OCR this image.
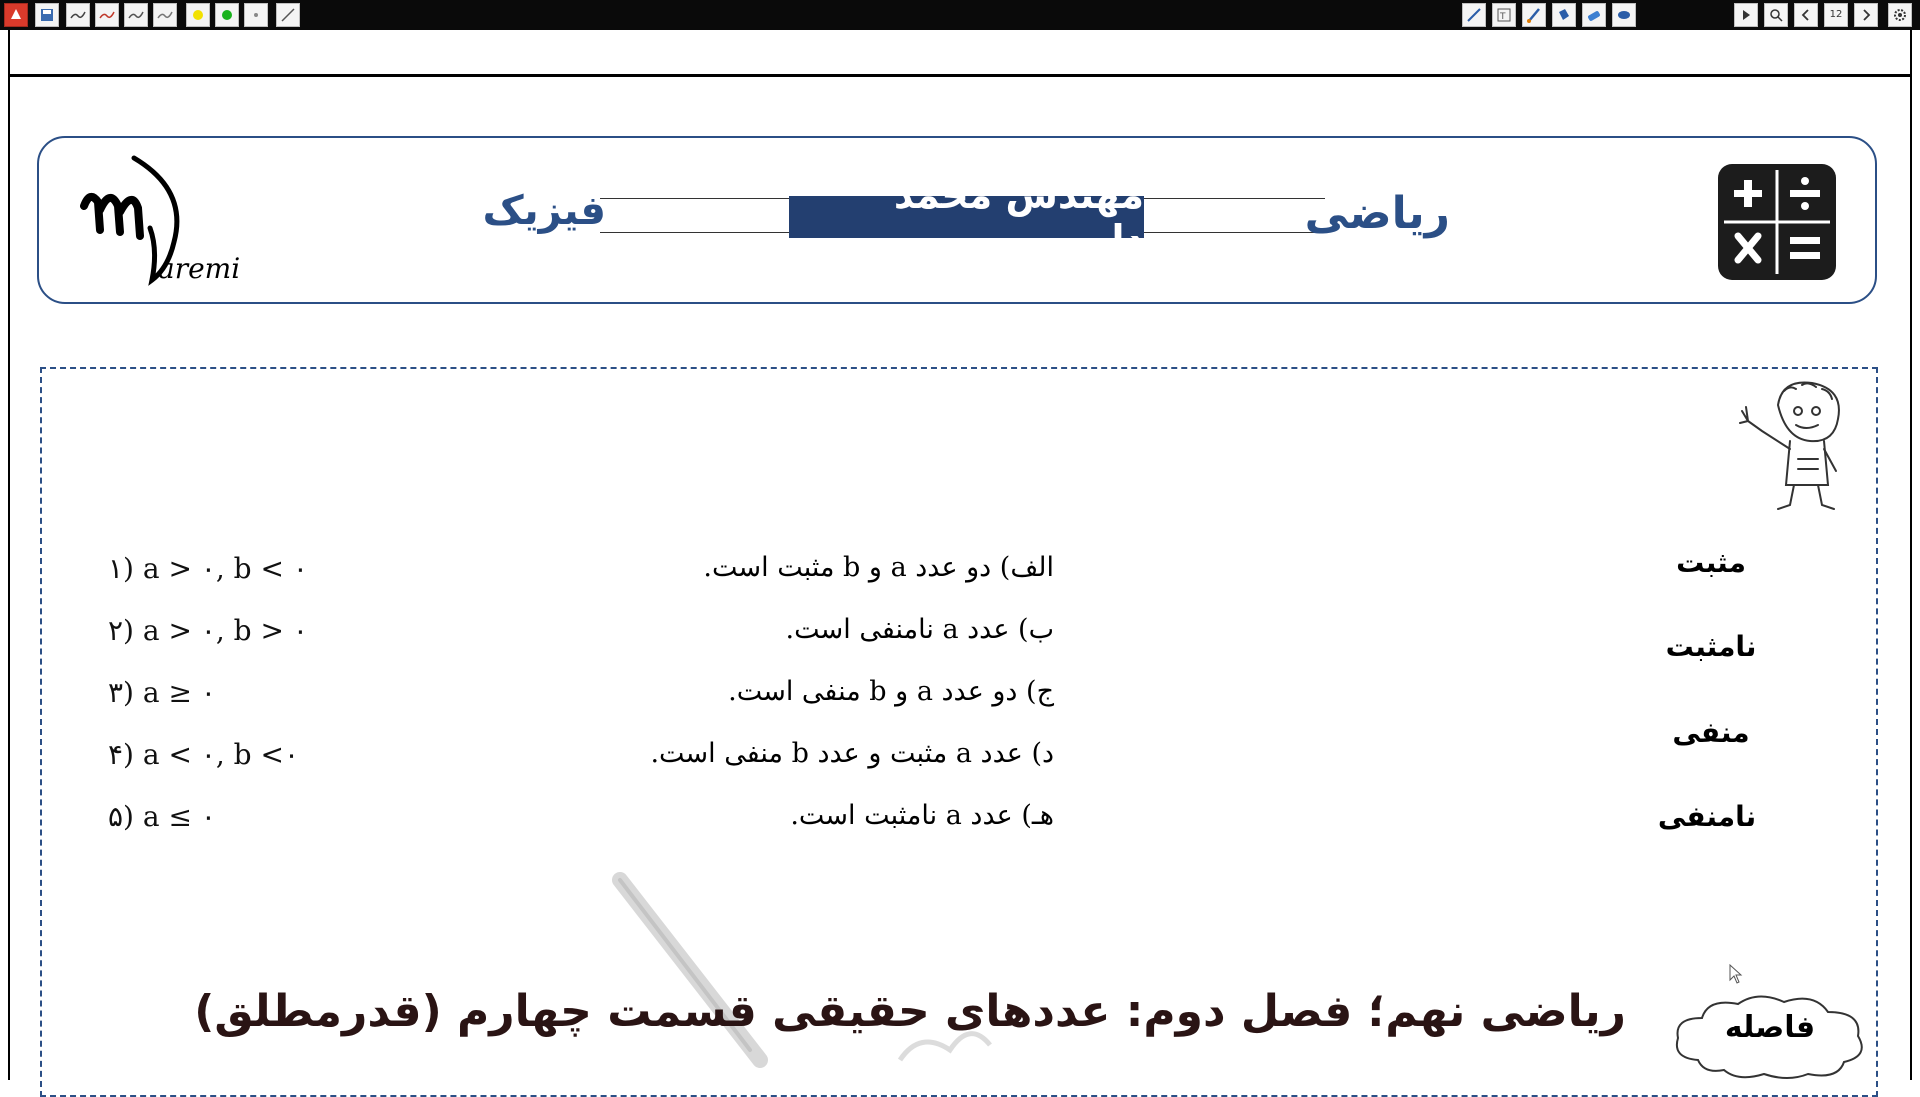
T	12
ریاضی
فیزیک
aremi
مثبت
نامثبت
منفی
نامنفی
الف) دو عدد a و b مثبت است.
ب) عدد a نامنفی است.
ج) دو عدد a و b منفی است.
د) عدد a مثبت و عدد b منفی است.
هـ) عدد a نامثبت است.
۱) a > ۰, b < ۰
۲) a > ۰, b > ۰
۳) a ≥ ۰
۴) a < ۰, b <۰
۵) a ≤ ۰
ریاضی نهم؛ فصل دوم: عددهای حقیقی قسمت چهارم (قدرمطلق)	فاصله
